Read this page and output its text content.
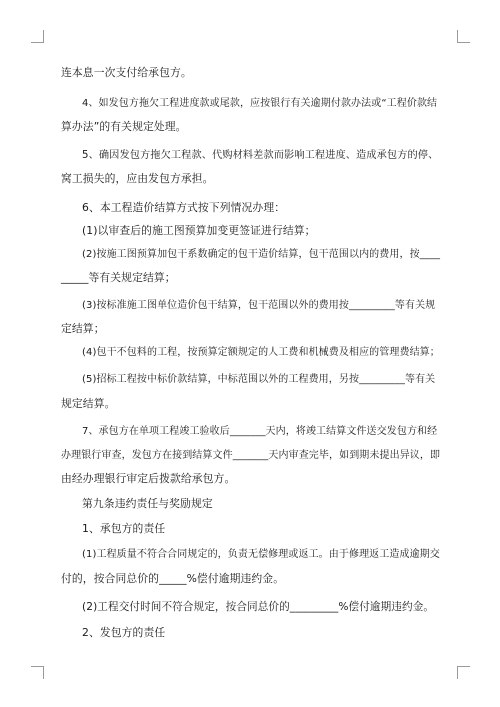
连本息一次支付给承包方。
4、如发包方拖欠工程进度款或尾款，应按银行有关逾期付款办法或“工程价款结
算办法”的有关规定处理。
5、确因发包方拖欠工程款、代购材料差款而影响工程进度、造成承包方的停、
窝工损失的，应由发包方承担。
6、本工程造价结算方式按下列情况办理：
(1)以审查后的施工图预算加变更签证进行结算；
(2)按施工图预算加包干系数确定的包干造价结算，包干范围以内的费用，按____
_____等有关规定结算；
(3)按标准施工图单位造价包干结算，包干范围以外的费用按_________等有关规
定结算；
(4)包干不包料的工程，按预算定额规定的人工费和机械费及相应的管理费结算；
(5)招标工程按中标价款结算，中标范围以外的工程费用，另按_________等有关
规定结算。
7、承包方在单项工程竣工验收后_______天内，将竣工结算文件送交发包方和经
办理银行审查，发包方在接到结算文件_______天内审查完毕，如到期未提出异议，即
由经办理银行审定后拨款给承包方。
第九条违约责任与奖励规定
1、承包方的责任
(1)工程质量不符合合同规定的，负责无偿修理或返工。由于修理返工造成逾期交
付的，按合同总价的_____%偿付逾期违约金。
(2)工程交付时间不符合规定，按合同总价的_________%偿付逾期违约金。
2、发包方的责任
